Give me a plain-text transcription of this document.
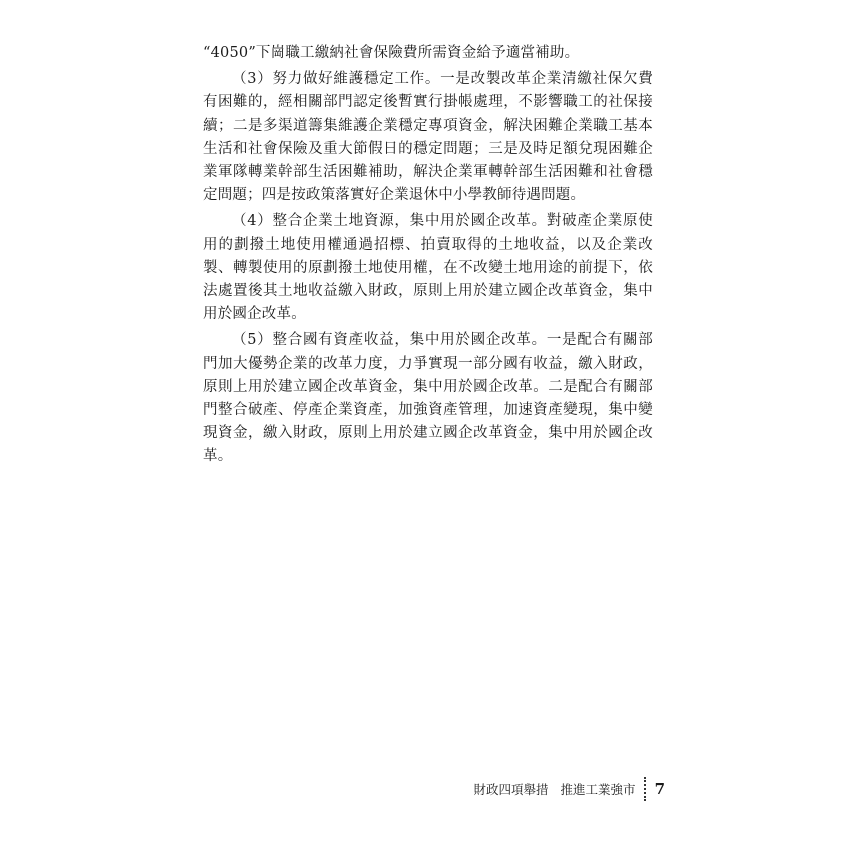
“4050”下崗職工繳納社會保險費所需資金給予適當補助。

（3）努力做好維護穩定工作。一是改製改革企業清繳社保欠費有困難的，經相關部門認定後暫實行掛帳處理，不影響職工的社保接續；二是多渠道籌集維護企業穩定專項資金，解決困難企業職工基本生活和社會保險及重大節假日的穩定問題；三是及時足額兌現困難企業軍隊轉業幹部生活困難補助，解決企業軍轉幹部生活困難和社會穩定問題；四是按政策落實好企業退休中小學教師待遇問題。

（4）整合企業土地資源，集中用於國企改革。對破產企業原使用的劃撥土地使用權通過招標、拍賣取得的土地收益，以及企業改製、轉製使用的原劃撥土地使用權，在不改變土地用途的前提下，依法處置後其土地收益繳入財政，原則上用於建立國企改革資金，集中用於國企改革。

（5）整合國有資產收益，集中用於國企改革。一是配合有關部門加大優勢企業的改革力度，力爭實現一部分國有收益，繳入財政，原則上用於建立國企改革資金，集中用於國企改革。二是配合有關部門整合破產、停產企業資產，加強資產管理，加速資產變現，集中變現資金，繳入財政，原則上用於建立國企改革資金，集中用於國企改革。

財政四項舉措 推進工業強市 7
